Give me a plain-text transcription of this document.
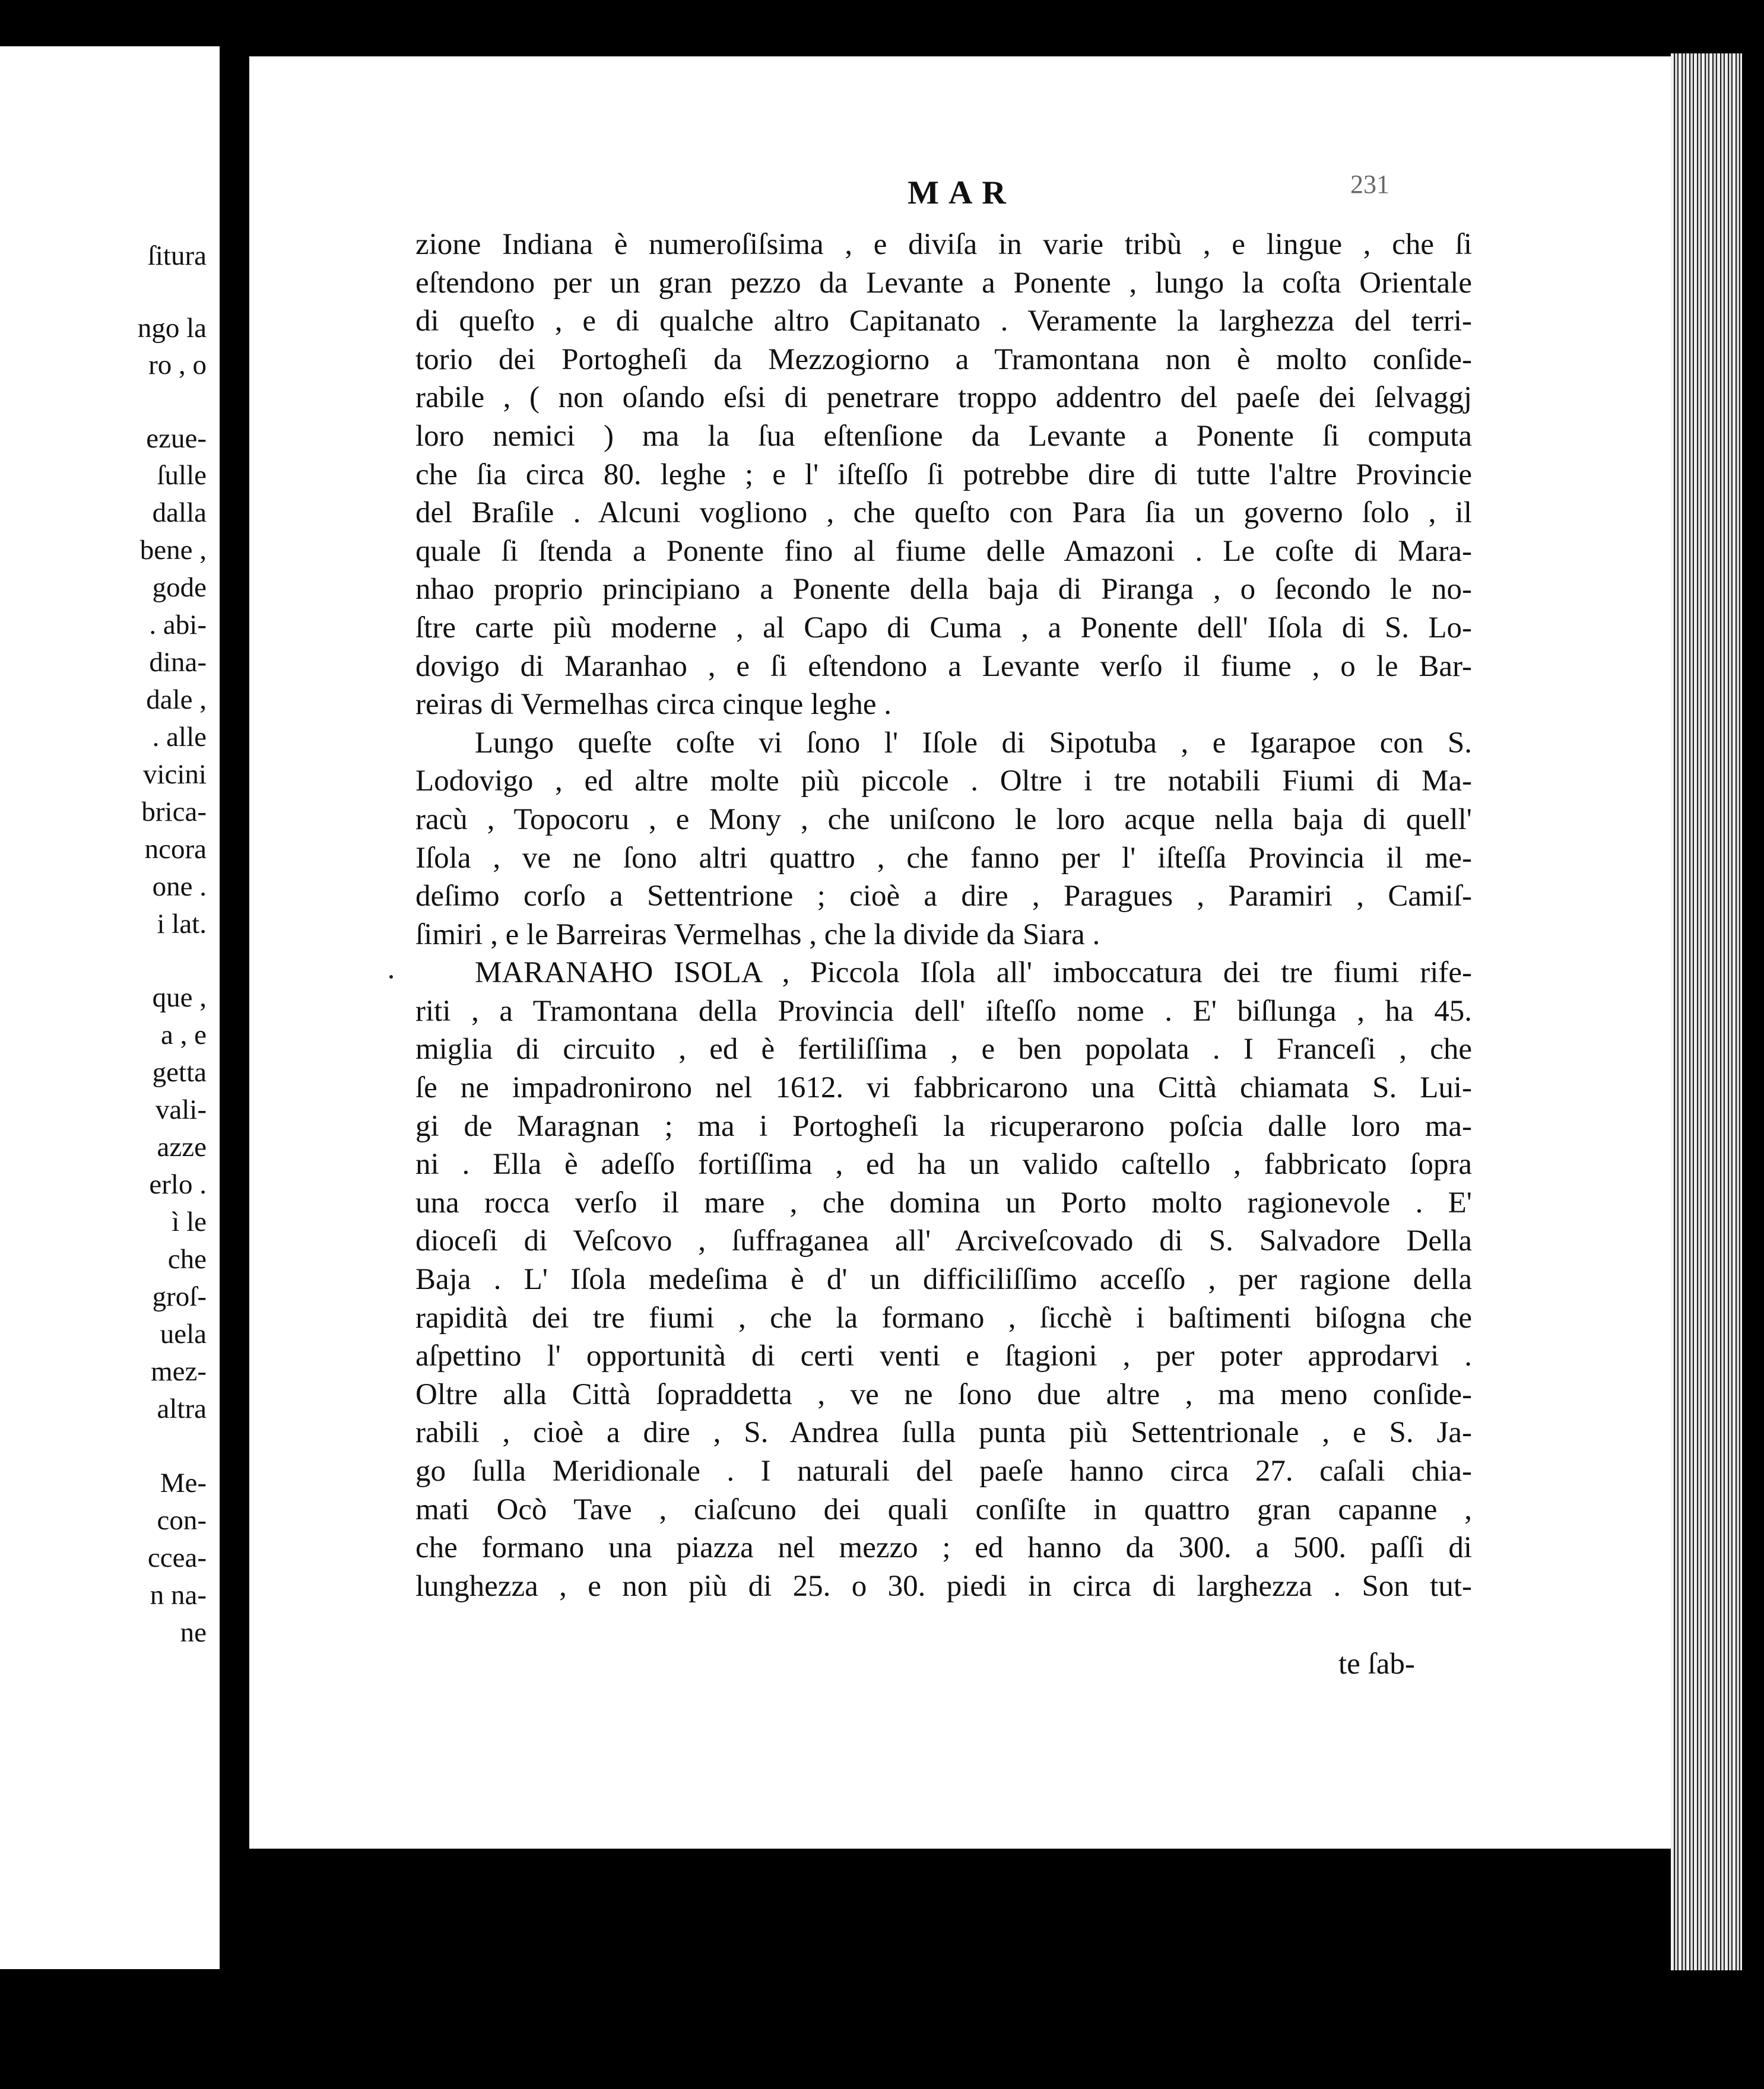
ſitura
ngo la
ro , o
ezue-
ſulle
dalla
bene ,
gode
. abi-
dina-
dale ,
. alle
vicini
brica-
ncora
one .
i lat.
que ,
a , e
getta
vali-
azze
erlo .
ì le
che
groſ-
uela
mez-
altra
Me-
con-
ccea-
n na-
ne
MAR	231
zione Indiana è numeroſiſsima , e diviſa in varie tribù , e lingue , che ſi
eſtendono per un gran pezzo da Levante a Ponente , lungo la coſta Orientale
di queſto , e di qualche altro Capitanato . Veramente la larghezza del terri-
torio dei Portogheſi da Mezzogiorno a Tramontana non è molto conſide-
rabile , ( non oſando eſsi di penetrare troppo addentro del paeſe dei ſelvaggj
loro nemici ) ma la ſua eſtenſione da Levante a Ponente ſi computa
che ſia circa 80. leghe ; e l' iſteſſo ſi potrebbe dire di tutte l'altre Provincie
del Braſile . Alcuni vogliono , che queſto con Para ſia un governo ſolo , il
quale ſi ſtenda a Ponente fino al fiume delle Amazoni . Le coſte di Mara-
nhao proprio principiano a Ponente della baja di Piranga , o ſecondo le no-
ſtre carte più moderne , al Capo di Cuma , a Ponente dell' Iſola di S. Lo-
dovigo di Maranhao , e ſi eſtendono a Levante verſo il fiume , o le Bar-
reiras di Vermelhas circa cinque leghe .
Lungo queſte coſte vi ſono l' Iſole di Sipotuba , e Igarapoe con S.
Lodovigo , ed altre molte più piccole . Oltre i tre notabili Fiumi di Ma-
racù , Topocoru , e Mony , che uniſcono le loro acque nella baja di quell'
Iſola , ve ne ſono altri quattro , che fanno per l' iſteſſa Provincia il me-
deſimo corſo a Settentrione ; cioè a dire , Paragues , Paramiri , Camiſ-
ſimiri , e le Barreiras Vermelhas , che la divide da Siara .
MARANAHO ISOLA , Piccola Iſola all' imboccatura dei tre fiumi rife-
riti , a Tramontana della Provincia dell' iſteſſo nome . E' biſlunga , ha 45.
miglia di circuito , ed è fertiliſſima , e ben popolata . I Franceſi , che
ſe ne impadronirono nel 1612. vi fabbricarono una Città chiamata S. Lui-
gi de Maragnan ; ma i Portogheſi la ricuperarono poſcia dalle loro ma-
ni . Ella è adeſſo fortiſſima , ed ha un valido caſtello , fabbricato ſopra
una rocca verſo il mare , che domina un Porto molto ragionevole . E'
dioceſi di Veſcovo , ſuffraganea all' Arciveſcovado di S. Salvadore Della
Baja . L' Iſola medeſima è d' un difficiliſſimo acceſſo , per ragione della
rapidità dei tre fiumi , che la formano , ſicchè i baſtimenti biſogna che
aſpettino l' opportunità di certi venti e ſtagioni , per poter approdarvi .
Oltre alla Città ſopraddetta , ve ne ſono due altre , ma meno conſide-
rabili , cioè a dire , S. Andrea ſulla punta più Settentrionale , e S. Ja-
go ſulla Meridionale . I naturali del paeſe hanno circa 27. caſali chia-
mati Ocò Tave , ciaſcuno dei quali conſiſte in quattro gran capanne ,
che formano una piazza nel mezzo ; ed hanno da 300. a 500. paſſi di
lunghezza , e non più di 25. o 30. piedi in circa di larghezza . Son tut-
te ſab-
